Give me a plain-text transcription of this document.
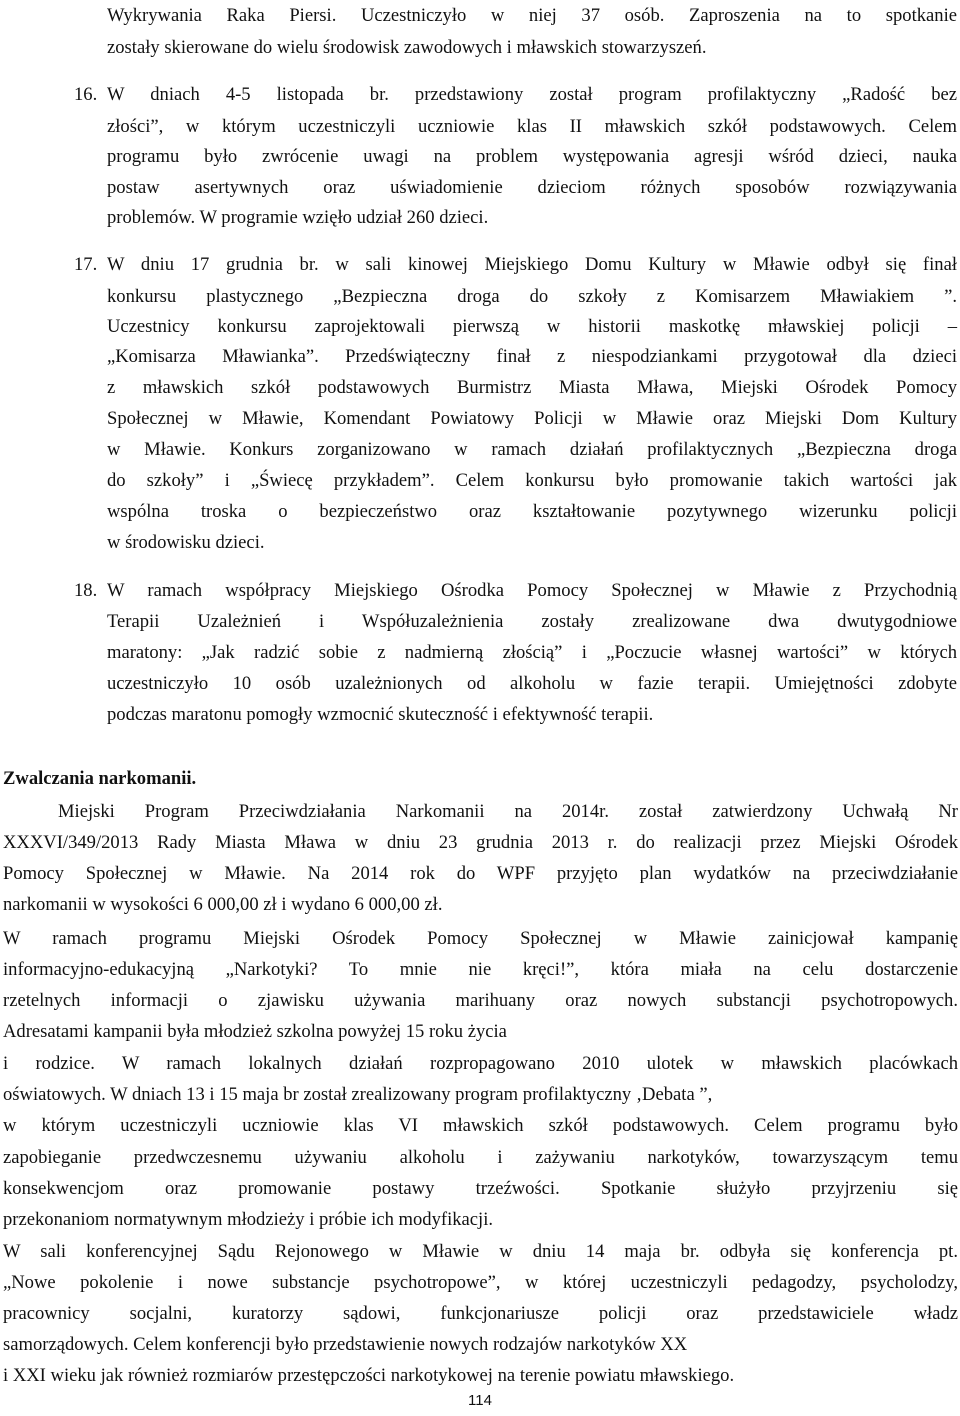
Wykrywania Raka Piersi. Uczestniczyło w niej 37 osób. Zaproszenia na to spotkanie

zostały skierowane do wielu środowisk zawodowych i mławskich stowarzyszeń.

16. W dniach 4-5 listopada br. przedstawiony został program profilaktyczny „Radość bez

złości”, w którym uczestniczyli uczniowie klas II mławskich szkół podstawowych. Celem

programu było zwrócenie uwagi na problem występowania agresji wśród dzieci, nauka

postaw asertywnych oraz uświadomienie dzieciom różnych sposobów rozwiązywania

problemów. W programie wzięło udział 260 dzieci.

17. W dniu 17 grudnia br. w sali kinowej Miejskiego Domu Kultury w Mławie odbył się finał

konkursu plastycznego „Bezpieczna droga do szkoły z Komisarzem Mławiakiem ”.

Uczestnicy konkursu zaprojektowali pierwszą w historii maskotkę mławskiej policji –

„Komisarza Mławianka”. Przedświąteczny finał z niespodziankami przygotował dla dzieci

z mławskich szkół podstawowych Burmistrz Miasta Mława, Miejski Ośrodek Pomocy

Społecznej w Mławie, Komendant Powiatowy Policji w Mławie oraz Miejski Dom Kultury

w Mławie. Konkurs zorganizowano w ramach działań profilaktycznych „Bezpieczna droga

do szkoły” i „Świecę przykładem”. Celem konkursu było promowanie takich wartości jak

wspólna troska o bezpieczeństwo oraz kształtowanie pozytywnego wizerunku policji

w środowisku dzieci.

18. W ramach współpracy Miejskiego Ośrodka Pomocy Społecznej w Mławie z Przychodnią

Terapii Uzależnień i Współuzależnienia zostały zrealizowane dwa dwutygodniowe

maratony: „Jak radzić sobie z nadmierną złością” i „Poczucie własnej wartości” w których

uczestniczyło 10 osób uzależnionych od alkoholu w fazie terapii. Umiejętności zdobyte

podczas maratonu pomogły wzmocnić skuteczność i efektywność terapii.

Zwalczania narkomanii.

Miejski Program Przeciwdziałania Narkomanii na 2014r. został zatwierdzony Uchwałą Nr

XXXVI/349/2013 Rady Miasta Mława w dniu 23 grudnia 2013 r. do realizacji przez Miejski Ośrodek

Pomocy Społecznej w Mławie. Na 2014 rok do WPF przyjęto plan wydatków na przeciwdziałanie

narkomanii w wysokości 6 000,00 zł i wydano 6 000,00 zł.

W ramach programu Miejski Ośrodek Pomocy Społecznej w Mławie zainicjował kampanię

informacyjno-edukacyjną „Narkotyki? To mnie nie kręci!”, która miała na celu dostarczenie

rzetelnych informacji o zjawisku używania marihuany oraz nowych substancji psychotropowych.

Adresatami kampanii była młodzież szkolna powyżej 15 roku życia

i rodzice. W ramach lokalnych działań rozpropagowano 2010 ulotek w mławskich placówkach

oświatowych. W dniach 13 i 15 maja br został zrealizowany program profilaktyczny ‚Debata ”,

w którym uczestniczyli uczniowie klas VI mławskich szkół podstawowych. Celem programu było

zapobieganie przedwczesnemu używaniu alkoholu i zażywaniu narkotyków, towarzyszącym temu

konsekwencjom oraz promowanie postawy trzeźwości. Spotkanie służyło przyjrzeniu się

przekonaniom normatywnym młodzieży i próbie ich modyfikacji.

W sali konferencyjnej Sądu Rejonowego w Mławie w dniu 14 maja br. odbyła się konferencja pt.

„Nowe pokolenie i nowe substancje psychotropowe”, w której uczestniczyli pedagodzy, psycholodzy,

pracownicy socjalni, kuratorzy sądowi, funkcjonariusze policji oraz przedstawiciele władz

samorządowych. Celem konferencji było przedstawienie nowych rodzajów narkotyków XX

i XXI wieku jak również rozmiarów przestępczości narkotykowej na terenie powiatu mławskiego.

114
